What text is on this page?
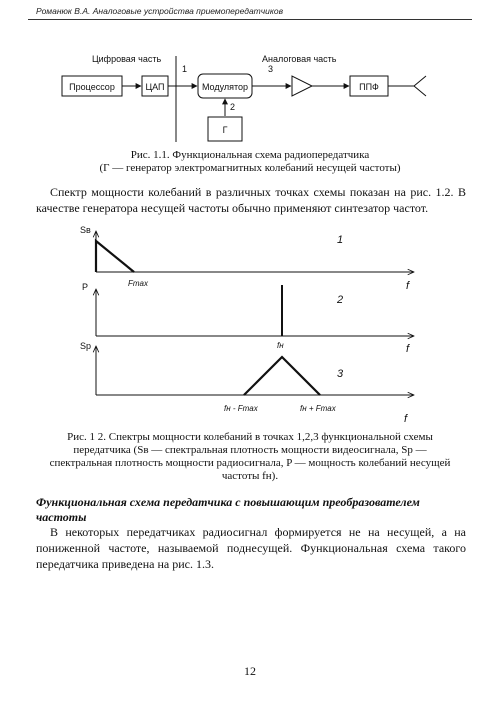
Романюк В.А. Аналоговые устройства приемопередатчиков
Цифровая часть	Аналоговая часть
Процессор	ЦАП
1
Модулятор
2
Г
3
ППФ
Рис. 1.1. Функциональная схема радиопередатчика
(Г — генератор электромагнитных колебаний несущей частоты)

Спектр мощности колебаний в различных точках схемы показан на рис. 1.2. В качестве генератора несущей частоты обычно применяют синтезатор частот.

Sв
Fmax
1
f
P
fн
2
f
Sр
fн - Fmax	fн + Fmax
3
f
Рис. 1 2. Спектры мощности колебаний в точках 1,2,3 функциональной схемы
передатчика (Sв — спектральная плотность мощности видеосигнала, Sр —
спектральная плотность мощности радиосигнала, P — мощность колебаний несущей
частоты fн).
Функциональная схема передатчика с повышающим преобразователем частоты

В некоторых передатчиках радиосигнал формируется не на несущей, а на пониженной частоте, называемой поднесущей. Функциональная схема такого передатчика приведена на рис. 1.3.

12
